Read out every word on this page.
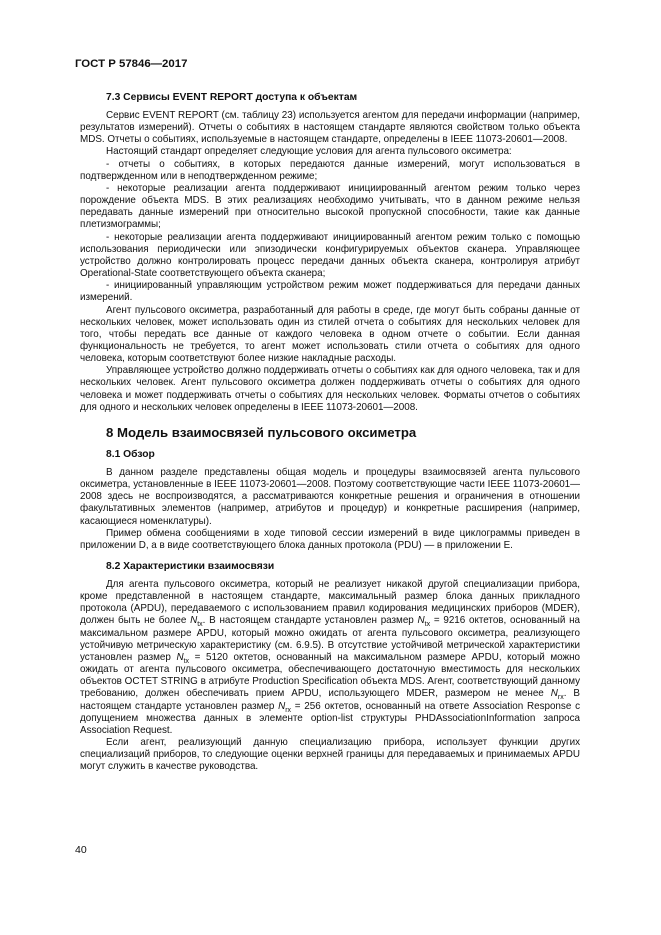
ГОСТ Р 57846—2017
7.3 Сервисы EVENT REPORT доступа к объектам

Сервис EVENT REPORT (см. таблицу 23) используется агентом для передачи информации (например, результатов измерений). Отчеты о событиях в настоящем стандарте являются свойством только объекта MDS. Отчеты о событиях, используемые в настоящем стандарте, определены в IEEE 11073-20601—2008.

Настоящий стандарт определяет следующие условия для агента пульсового оксиметра:

- отчеты о событиях, в которых передаются данные измерений, могут использоваться в подтвержденном или в неподтвержденном режиме;

- некоторые реализации агента поддерживают инициированный агентом режим только через порождение объекта MDS. В этих реализациях необходимо учитывать, что в данном режиме нельзя передавать данные измерений при относительно высокой пропускной способности, такие как данные плетизмограммы;

- некоторые реализации агента поддерживают инициированный агентом режим только с помощью использования периодически или эпизодически конфигурируемых объектов сканера. Управляющее устройство должно контролировать процесс передачи данных объекта сканера, контролируя атрибут Operational-State соответствующего объекта сканера;

- инициированный управляющим устройством режим может поддерживаться для передачи данных измерений.

Агент пульсового оксиметра, разработанный для работы в среде, где могут быть собраны данные от нескольких человек, может использовать один из стилей отчета о событиях для нескольких человек для того, чтобы передать все данные от каждого человека в одном отчете о событии. Если данная функциональность не требуется, то агент может использовать стили отчета о событиях для одного человека, которым соответствуют более низкие накладные расходы.

Управляющее устройство должно поддерживать отчеты о событиях как для одного человека, так и для нескольких человек. Агент пульсового оксиметра должен поддерживать отчеты о событиях для одного человека и может поддерживать отчеты о событиях для нескольких человек. Форматы отчетов о событиях для одного и нескольких человек определены в IEEE 11073-20601—2008.

8 Модель взаимосвязей пульсового оксиметра
8.1 Обзор

В данном разделе представлены общая модель и процедуры взаимосвязей агента пульсового оксиметра, установленные в IEEE 11073-20601—2008. Поэтому соответствующие части IEEE 11073-20601—2008 здесь не воспроизводятся, а рассматриваются конкретные решения и ограничения в отношении факультативных элементов (например, атрибутов и процедур) и конкретные расширения (например, касающиеся номенклатуры).

Пример обмена сообщениями в ходе типовой сессии измерений в виде циклограммы приведен в приложении D, а в виде соответствующего блока данных протокола (PDU) — в приложении E.

8.2 Характеристики взаимосвязи

Для агента пульсового оксиметра, который не реализует никакой другой специализации прибора, кроме представленной в настоящем стандарте, максимальный размер блока данных прикладного протокола (APDU), передаваемого с использованием правил кодирования медицинских приборов (MDER), должен быть не более $N_{tx}$. В настоящем стандарте установлен размер $N_{tx} = 9216$ октетов, основанный на максимальном размере APDU, который можно ожидать от агента пульсового оксиметра, реализующего устойчивую метрическую характеристику (см. 6.9.5). В отсутствие устойчивой метрической характеристики установлен размер $N_{tx} = 5120$ октетов, основанный на максимальном размере APDU, который можно ожидать от агента пульсового оксиметра, обеспечивающего достаточную вместимость для нескольких объектов OCTET STRING в атрибуте Production Specification объекта MDS. Агент, соответствующий данному требованию, должен обеспечивать прием APDU, использующего MDER, размером не менее $N_{rx}$. В настоящем стандарте установлен размер $N_{rx} = 256$ октетов, основанный на ответе Association Response с допущением множества данных в элементе option-list структуры PHDAssociationInformation запроса Association Request.

Если агент, реализующий данную специализацию прибора, использует функции других специализаций приборов, то следующие оценки верхней границы для передаваемых и принимаемых APDU могут служить в качестве руководства.

40
